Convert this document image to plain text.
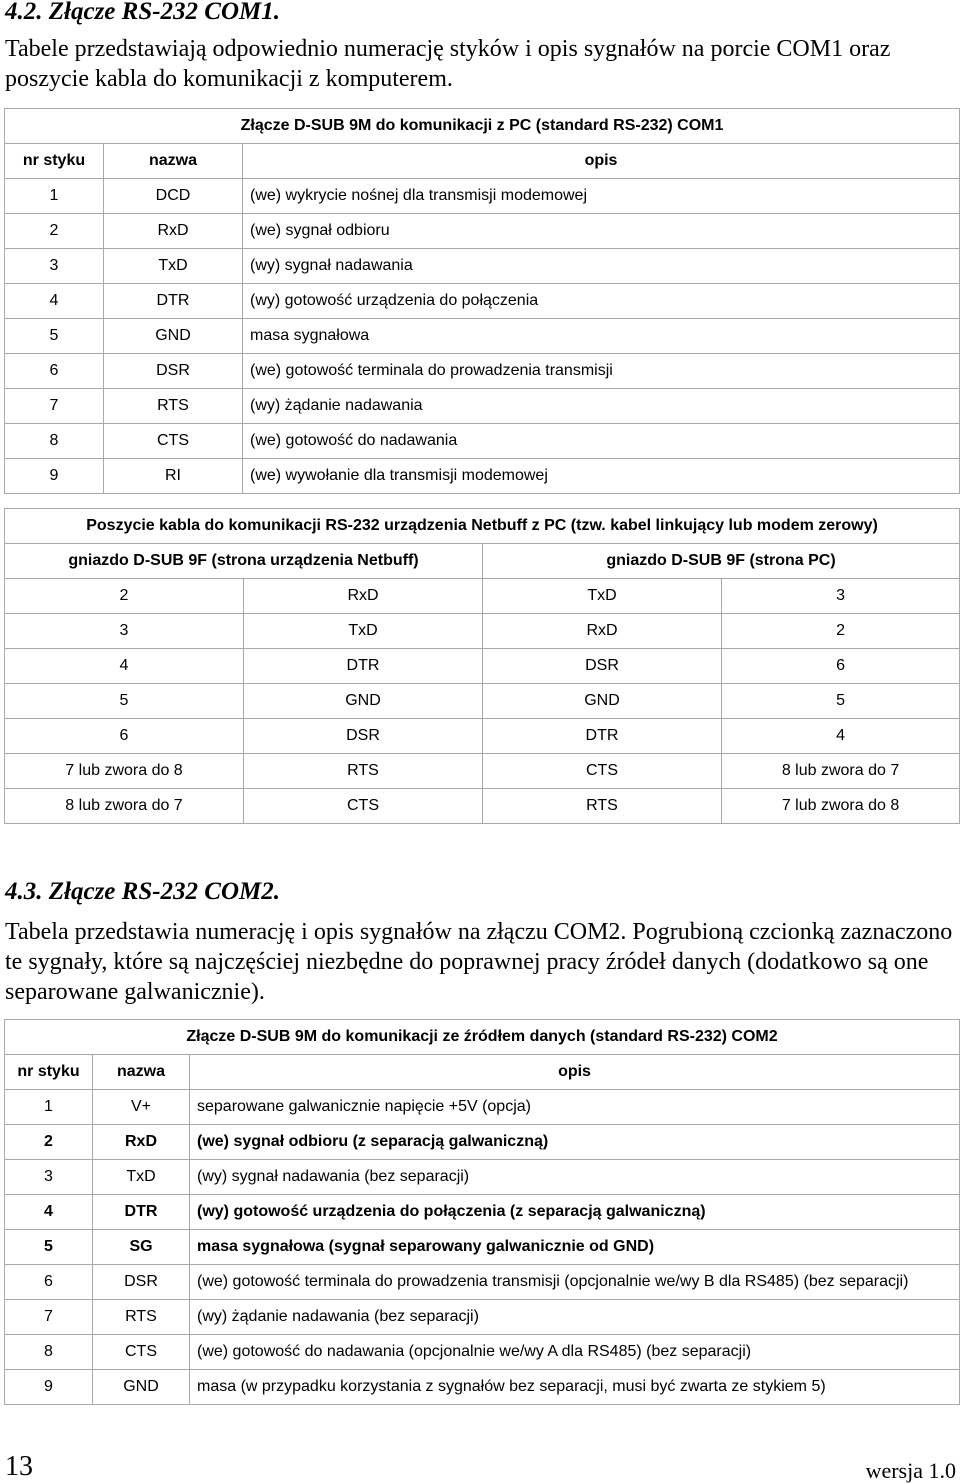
4.2. Złącze RS-232 COM1.

Tabele przedstawiają odpowiednio numerację styków i opis sygnałów na porcie COM1 oraz poszycie kabla do komunikacji z komputerem.

Złącze D-SUB 9M do komunikacji z PC (standard RS-232) COM1		
nr styku	nazwa	opis
1	DCD	(we) wykrycie nośnej dla transmisji modemowej
2	RxD	(we) sygnał odbioru
3	TxD	(wy) sygnał nadawania
4	DTR	(wy) gotowość urządzenia do połączenia
5	GND	masa sygnałowa
6	DSR	(we) gotowość terminala do prowadzenia transmisji
7	RTS	(wy) żądanie nadawania
8	CTS	(we) gotowość do nadawania
9	RI	(we) wywołanie dla transmisji modemowej
Poszycie kabla do komunikacji RS-232 urządzenia Netbuff z PC (tzw. kabel linkujący lub modem zerowy)			
gniazdo D-SUB 9F (strona urządzenia Netbuff)		gniazdo D-SUB 9F (strona PC)	
2	RxD	TxD	3
3	TxD	RxD	2
4	DTR	DSR	6
5	GND	GND	5
6	DSR	DTR	4
7 lub zwora do 8	RTS	CTS	8 lub zwora do 7
8 lub zwora do 7	CTS	RTS	7 lub zwora do 8
4.3. Złącze RS-232 COM2.

Tabela przedstawia numerację i opis sygnałów na złączu COM2. Pogrubioną czcionką zaznaczono te sygnały, które są najczęściej niezbędne do poprawnej pracy źródeł danych (dodatkowo są one separowane galwanicznie).

Złącze D-SUB 9M do komunikacji ze źródłem danych (standard RS-232) COM2		
nr styku	nazwa	opis
1	V+	separowane galwanicznie napięcie +5V (opcja)
2	RxD	(we) sygnał odbioru (z separacją galwaniczną)
3	TxD	(wy) sygnał nadawania (bez separacji)
4	DTR	(wy) gotowość urządzenia do połączenia (z separacją galwaniczną)
5	SG	masa sygnałowa (sygnał separowany galwanicznie od GND)
6	DSR	(we) gotowość terminala do prowadzenia transmisji (opcjonalnie we/wy B dla RS485) (bez separacji)
7	RTS	(wy) żądanie nadawania (bez separacji)
8	CTS	(we) gotowość do nadawania (opcjonalnie we/wy A dla RS485) (bez separacji)
9	GND	masa (w przypadku korzystania z sygnałów bez separacji, musi być zwarta ze stykiem 5)
13	wersja 1.0
